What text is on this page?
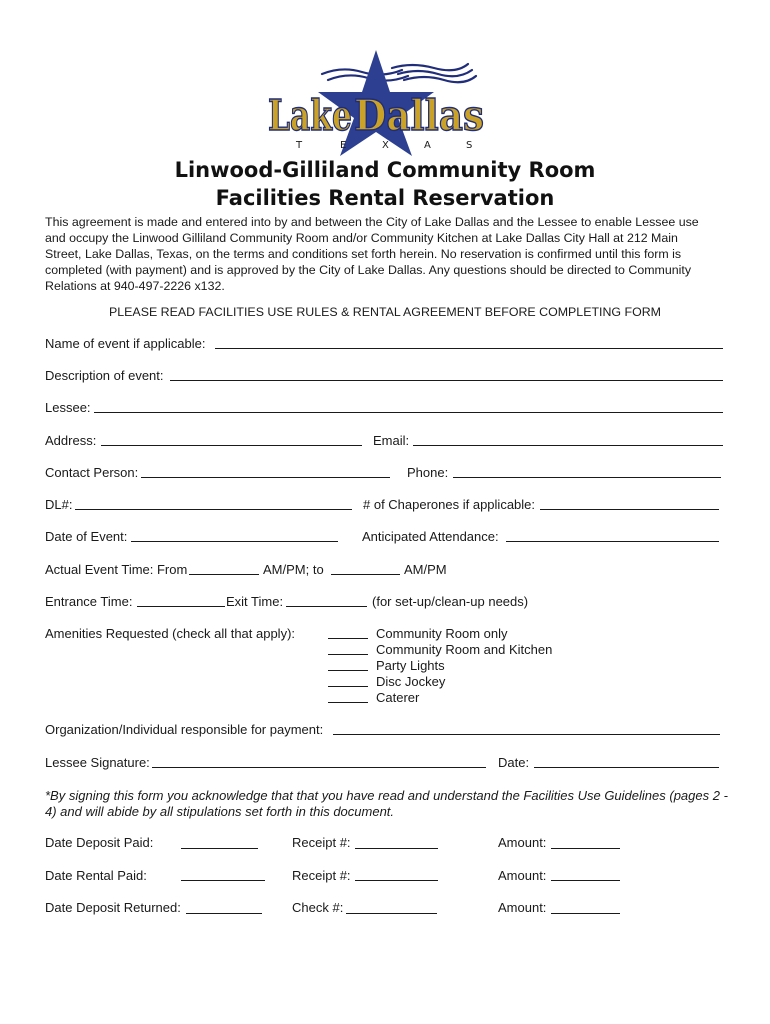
Lake Dallas
T	E	X	A	S
Linwood-Gilliland Community Room
Facilities Rental Reservation
This agreement is made and entered into by and between the City of Lake Dallas and the Lessee to enable Lessee use and occupy the Linwood Gilliland Community Room and/or Community Kitchen at Lake Dallas City Hall at 212 Main Street, Lake Dallas, Texas, on the terms and conditions set forth herein. No reservation is confirmed until this form is completed (with payment) and is approved by the City of Lake Dallas. Any questions should be directed to Community Relations at 940-497-2226 x132.
PLEASE READ FACILITIES USE RULES & RENTAL AGREEMENT BEFORE COMPLETING FORM
Name of event if applicable:
Description of event:
Lessee:
Address:	Email:
Contact Person:	Phone:
DL#:	# of Chaperones if applicable:
Date of Event:	Anticipated Attendance:
Actual Event Time: From	AM/PM; to	AM/PM
Entrance Time:	Exit Time:	(for set-up/clean-up needs)
Amenities Requested (check all that apply):	Community Room only
Community Room and Kitchen
Party Lights
Disc Jockey
Caterer
Organization/Individual responsible for payment:
Lessee Signature:	Date:
*By signing this form you acknowledge that that you have read and understand the Facilities Use Guidelines (pages 2 - 4) and will abide by all stipulations set forth in this document.
Date Deposit Paid:	Receipt #:	Amount:
Date Rental Paid:	Receipt #:	Amount:
Date Deposit Returned:	Check #:	Amount:
